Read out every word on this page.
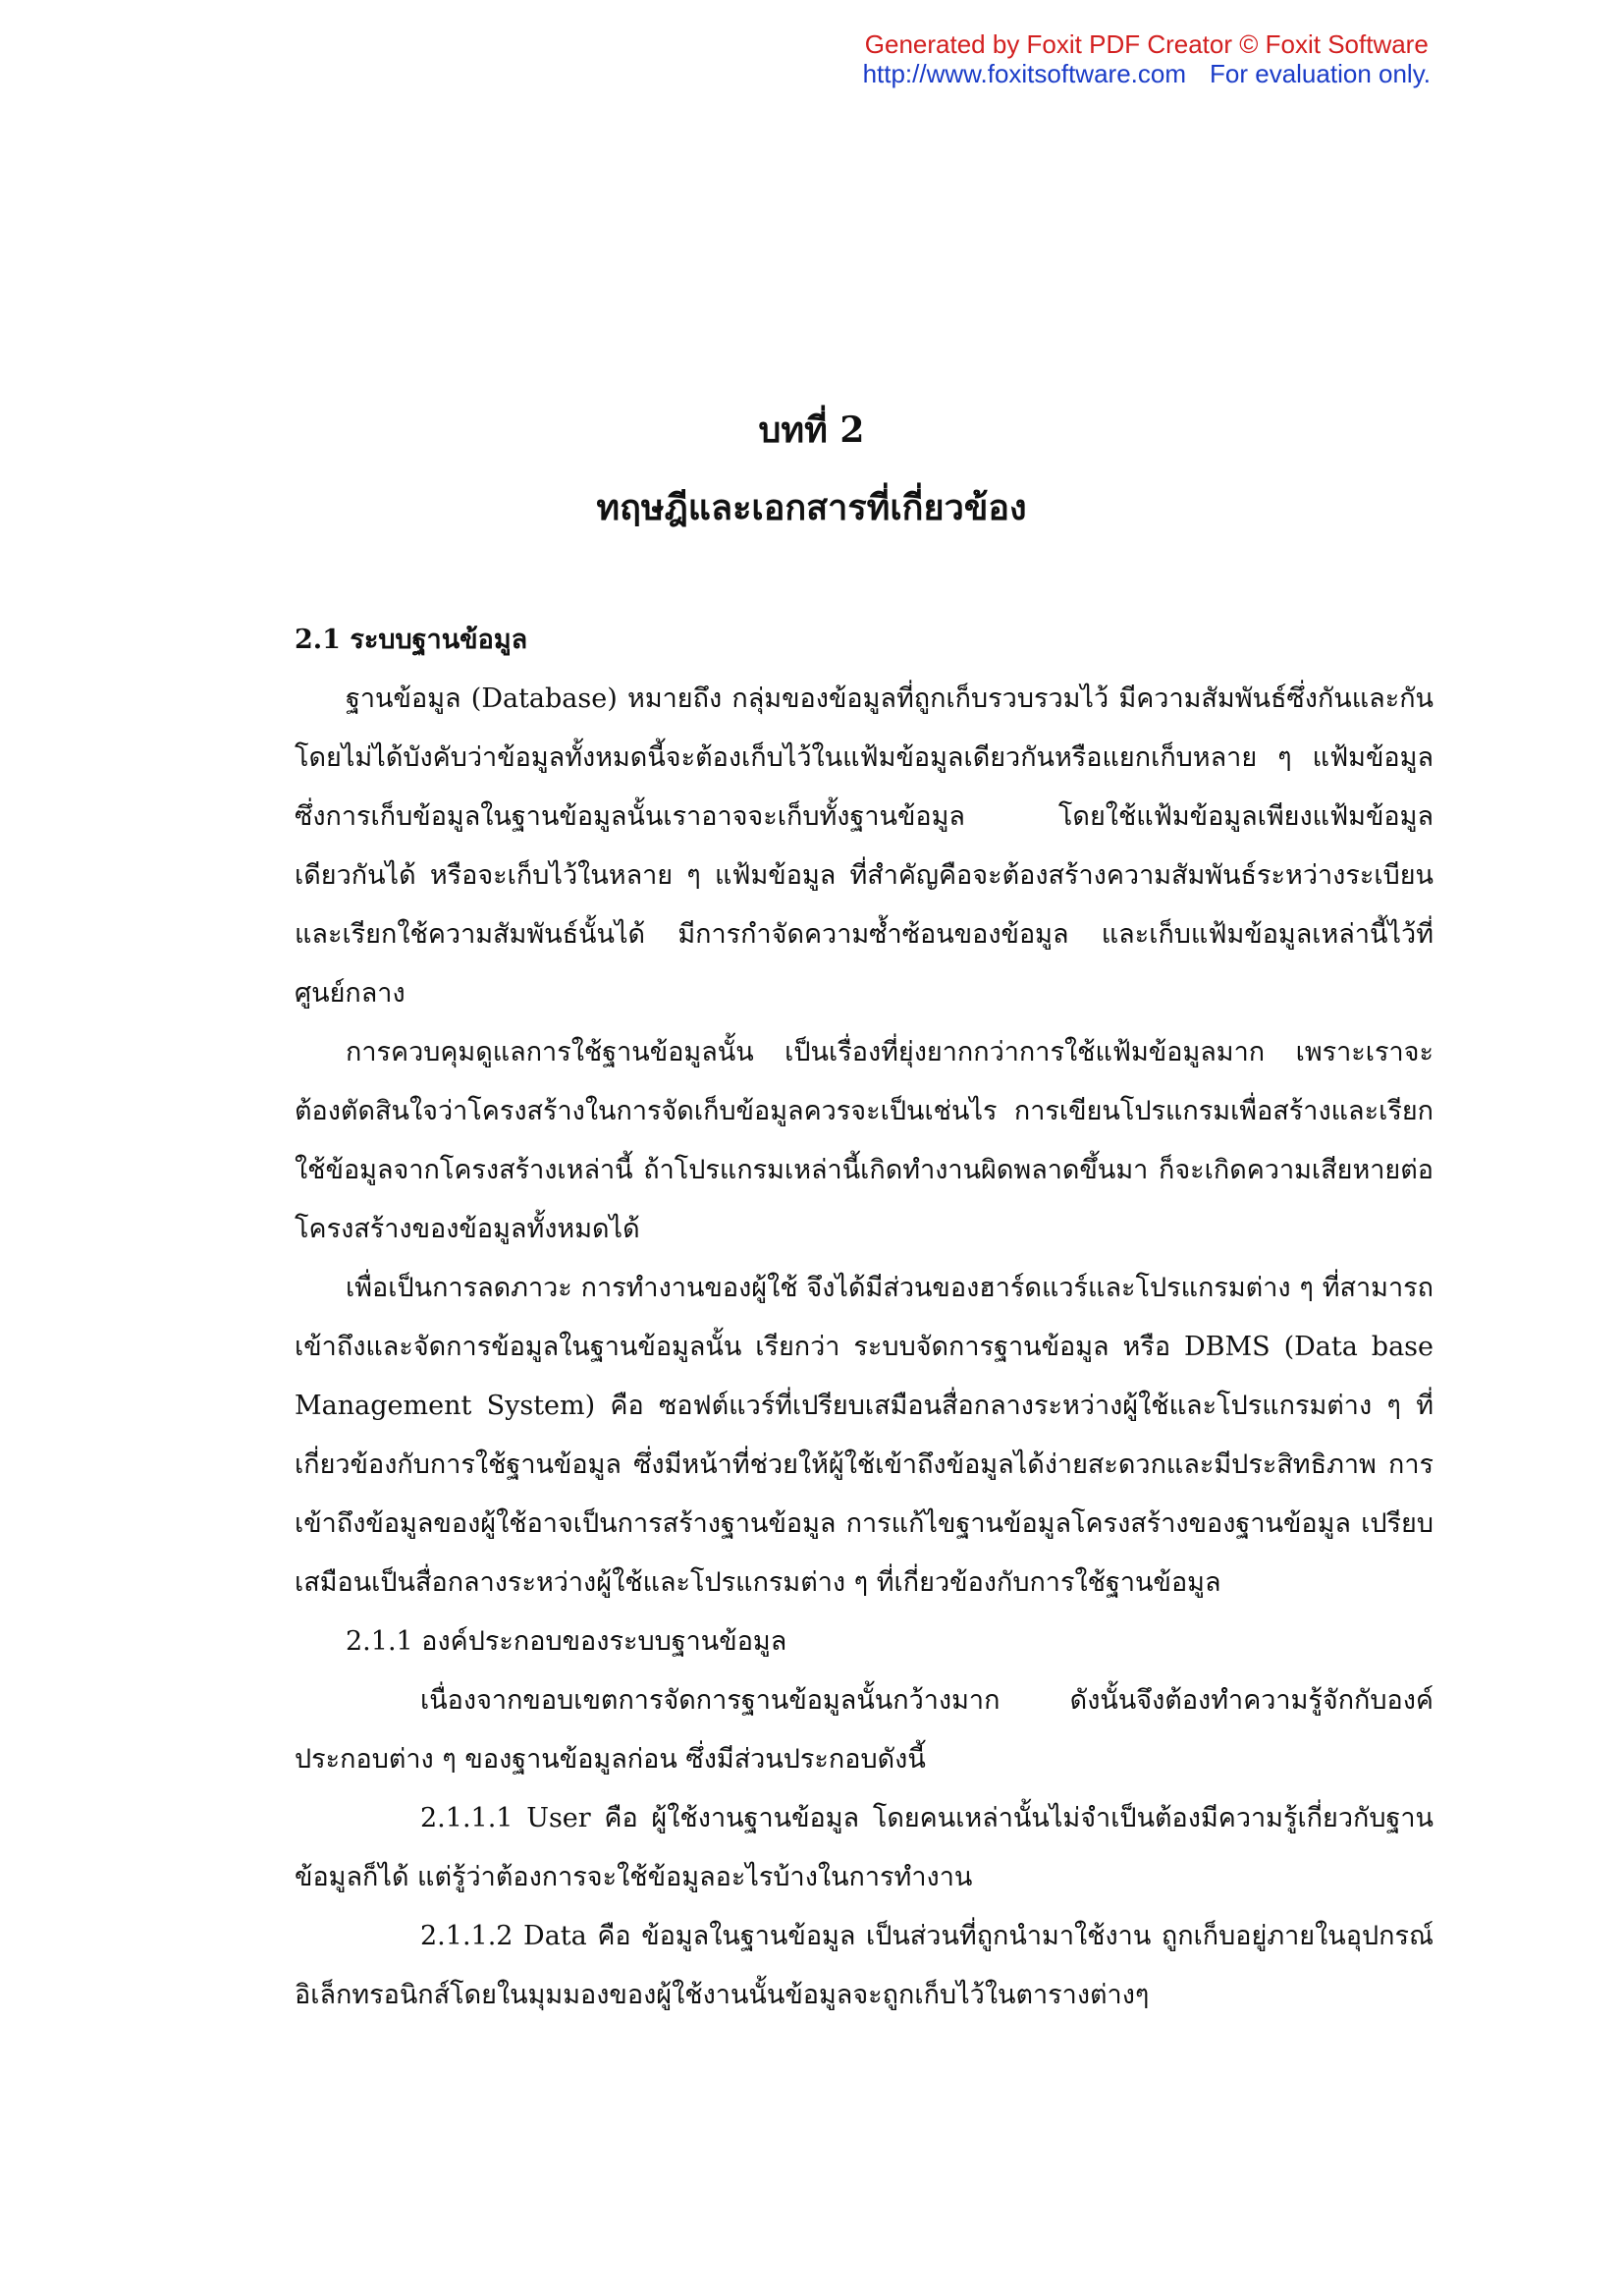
Generated by Foxit PDF Creator © Foxit Software
http://www.foxitsoftware.com For evaluation only.
บทที่ 2
ทฤษฎีและเอกสารที่เกี่ยวข้อง
2.1 ระบบฐานข้อมูล

ฐานข้อมูล (Database) หมายถึง กลุ่มของข้อมูลที่ถูกเก็บรวบรวมไว้ มีความสัมพันธ์ซึ่งกันและกัน โดยไม่ได้บังคับว่าข้อมูลทั้งหมดนี้จะต้องเก็บไว้ในแฟ้มข้อมูลเดียวกันหรือแยกเก็บหลาย ๆ แฟ้มข้อมูล ซึ่งการเก็บข้อมูลในฐานข้อมูลนั้นเราอาจจะเก็บทั้งฐานข้อมูล โดยใช้แฟ้มข้อมูลเพียงแฟ้มข้อมูลเดียวกันได้ หรือจะเก็บไว้ในหลาย ๆ แฟ้มข้อมูล ที่สำคัญคือจะต้องสร้างความสัมพันธ์ระหว่างระเบียนและเรียกใช้ความสัมพันธ์นั้นได้ มีการกำจัดความซ้ำซ้อนของข้อมูล และเก็บแฟ้มข้อมูลเหล่านี้ไว้ที่ศูนย์กลาง

การควบคุมดูแลการใช้ฐานข้อมูลนั้น เป็นเรื่องที่ยุ่งยากกว่าการใช้แฟ้มข้อมูลมาก เพราะเราจะต้องตัดสินใจว่าโครงสร้างในการจัดเก็บข้อมูลควรจะเป็นเช่นไร การเขียนโปรแกรมเพื่อสร้างและเรียกใช้ข้อมูลจากโครงสร้างเหล่านี้ ถ้าโปรแกรมเหล่านี้เกิดทำงานผิดพลาดขึ้นมา ก็จะเกิดความเสียหายต่อโครงสร้างของข้อมูลทั้งหมดได้

เพื่อเป็นการลดภาวะ การทำงานของผู้ใช้ จึงได้มีส่วนของฮาร์ดแวร์และโปรแกรมต่าง ๆ ที่สามารถเข้าถึงและจัดการข้อมูลในฐานข้อมูลนั้น เรียกว่า ระบบจัดการฐานข้อมูล หรือ DBMS (Data base Management System) คือ ซอฟต์แวร์ที่เปรียบเสมือนสื่อกลางระหว่างผู้ใช้และโปรแกรมต่าง ๆ ที่เกี่ยวข้องกับการใช้ฐานข้อมูล ซึ่งมีหน้าที่ช่วยให้ผู้ใช้เข้าถึงข้อมูลได้ง่ายสะดวกและมีประสิทธิภาพ การเข้าถึงข้อมูลของผู้ใช้อาจเป็นการสร้างฐานข้อมูล การแก้ไขฐานข้อมูลโครงสร้างของฐานข้อมูล เปรียบเสมือนเป็นสื่อกลางระหว่างผู้ใช้และโปรแกรมต่าง ๆ ที่เกี่ยวข้องกับการใช้ฐานข้อมูล

2.1.1 องค์ประกอบของระบบฐานข้อมูล

เนื่องจากขอบเขตการจัดการฐานข้อมูลนั้นกว้างมาก ดังนั้นจึงต้องทำความรู้จักกับองค์ประกอบต่าง ๆ ของฐานข้อมูลก่อน ซึ่งมีส่วนประกอบดังนี้

2.1.1.1 User คือ ผู้ใช้งานฐานข้อมูล โดยคนเหล่านั้นไม่จำเป็นต้องมีความรู้เกี่ยวกับฐานข้อมูลก็ได้ แต่รู้ว่าต้องการจะใช้ข้อมูลอะไรบ้างในการทำงาน

2.1.1.2 Data คือ ข้อมูลในฐานข้อมูล เป็นส่วนที่ถูกนำมาใช้งาน ถูกเก็บอยู่ภายในอุปกรณ์อิเล็กทรอนิกส์โดยในมุมมองของผู้ใช้งานนั้นข้อมูลจะถูกเก็บไว้ในตารางต่างๆ
